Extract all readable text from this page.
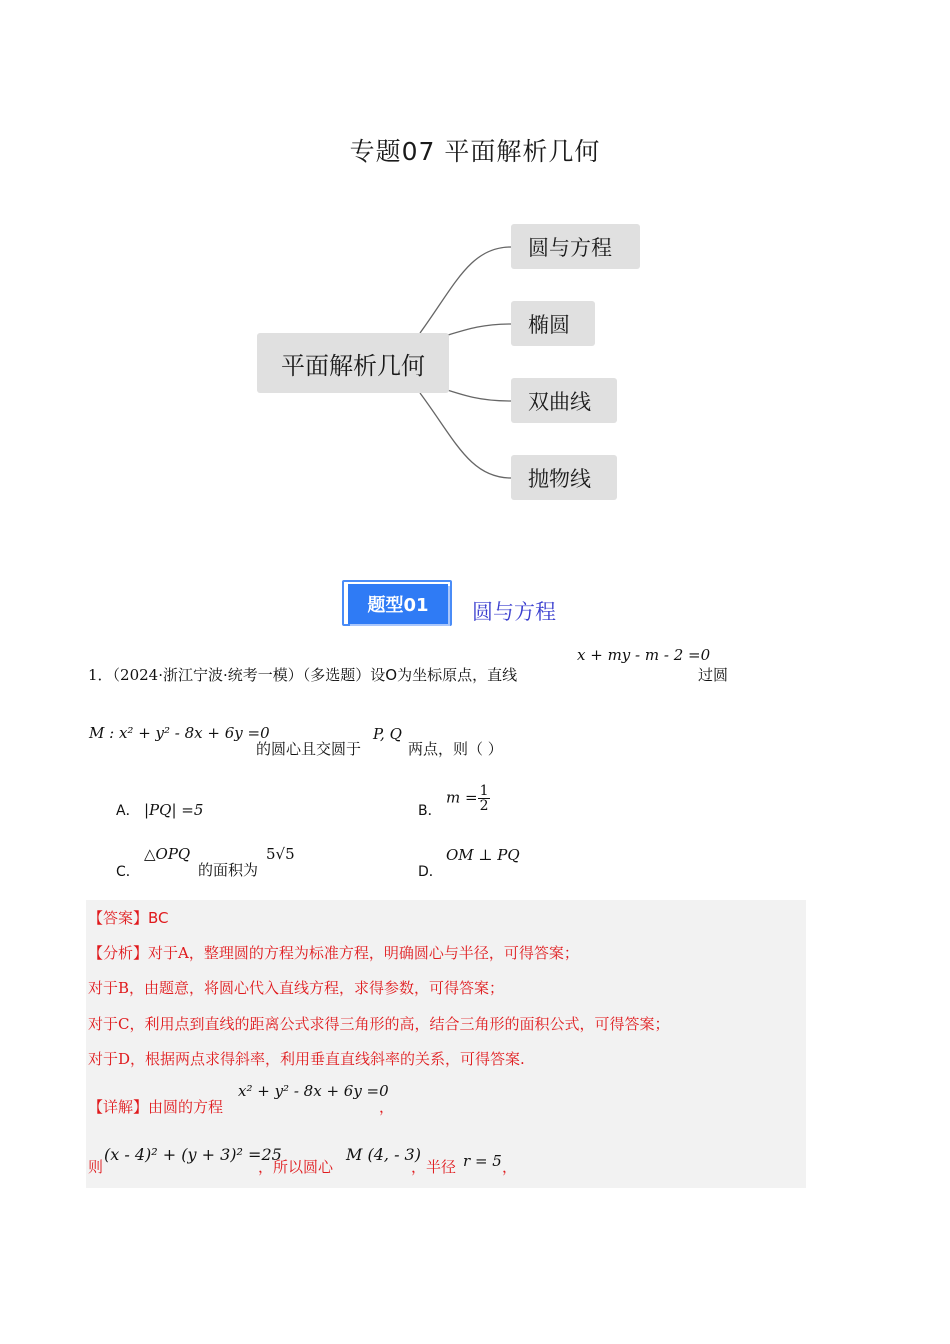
专题07 平面解析几何
平面解析几何
圆与方程
椭圆
双曲线
抛物线
题型01	圆与方程
1．（2024·浙江宁波·统考一模）（多选题）设O为坐标原点，直线
x + my - m - 2 =0
过圆
M : x² + y² - 8x + 6y =0
的圆心且交圆于
P, Q
两点，则（ ）
A． |PQ| =5	B．
$m = \frac{1}{2}$
C．
△OPQ
的面积为
5√5
D．
OM ⊥ PQ
【答案】BC
【分析】对于A，整理圆的方程为标准方程，明确圆心与半径，可得答案；
对于B，由题意，将圆心代入直线方程，求得参数，可得答案；
对于C，利用点到直线的距离公式求得三角形的高，结合三角形的面积公式，可得答案；
对于D，根据两点求得斜率，利用垂直直线斜率的关系，可得答案.
【详解】由圆的方程
x² + y² - 8x + 6y =0
，
则
(x - 4)² + (y + 3)² =25
，所以圆心
M (4, - 3)
，半径 r = 5 ，
